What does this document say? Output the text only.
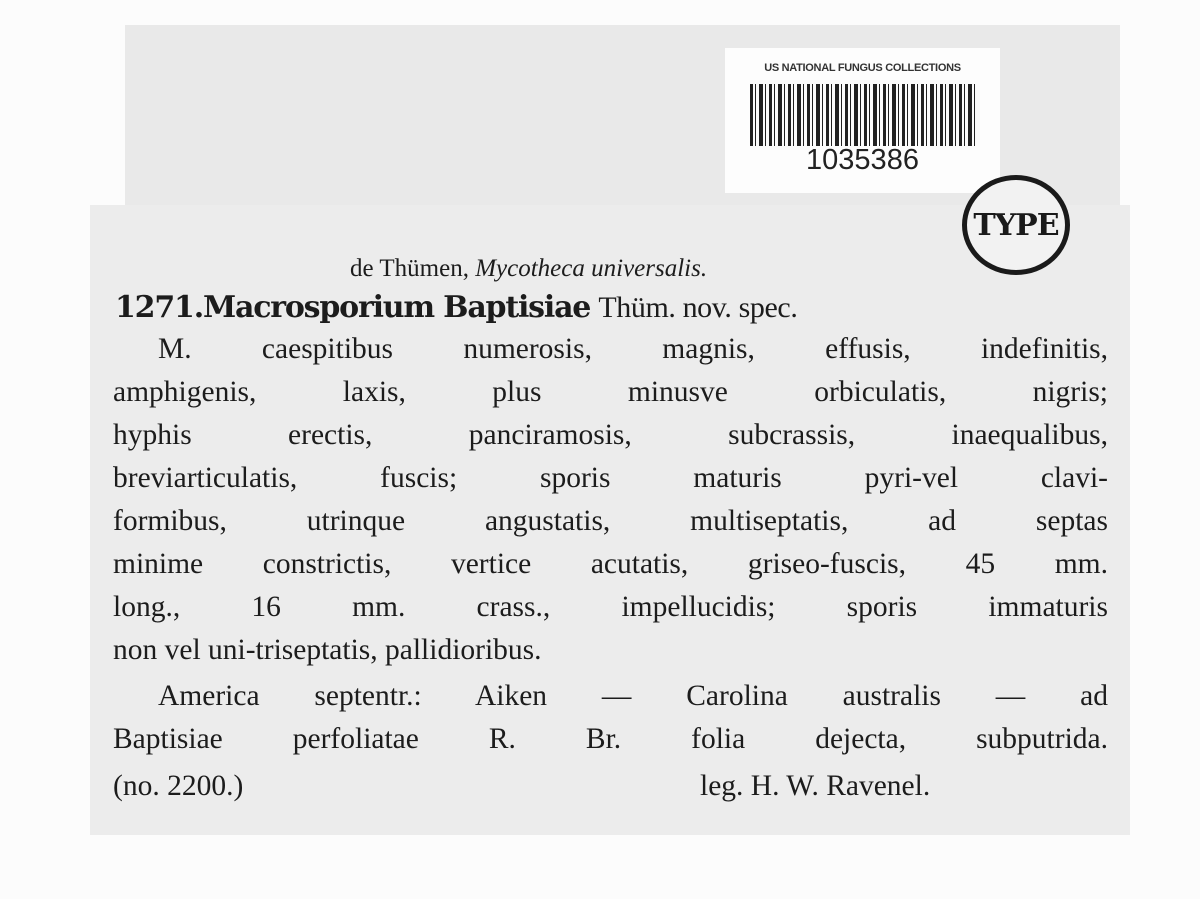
US NATIONAL FUNGUS COLLECTIONS
1035386

de Thümen, Mycotheca universalis.

1271.Macrosporium Baptisiae Thüm. nov. spec.

M. caespitibus numerosis, magnis, effusis, indefinitis,

amphigenis, laxis, plus minusve orbiculatis, nigris;

hyphis erectis, panciramosis, subcrassis, inaequalibus,

breviarticulatis, fuscis; sporis maturis pyri-vel clavi-

formibus, utrinque angustatis, multiseptatis, ad septas

minime constrictis, vertice acutatis, griseo-fuscis, 45 mm.

long., 16 mm. crass., impellucidis; sporis immaturis

non vel uni-triseptatis, pallidioribus.

America septentr.: Aiken — Carolina australis — ad

Baptisiae perfoliatae R. Br. folia dejecta, subputrida.

(no. 2200.)	leg. H. W. Ravenel.

TYPE
